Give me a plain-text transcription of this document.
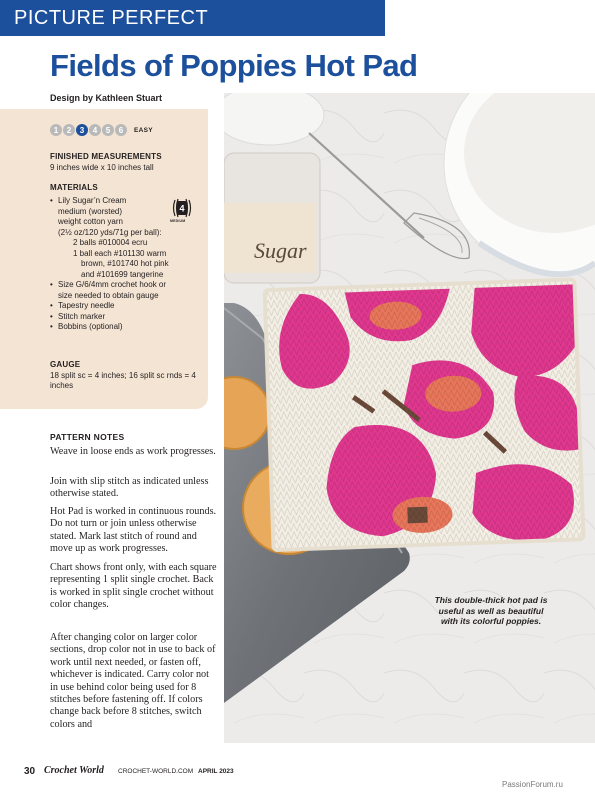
PICTURE PERFECT
Fields of Poppies Hot Pad
Design by Kathleen Stuart
1	2	3	4	5	6	EASY
FINISHED MEASUREMENTS
9 inches wide x 10 inches tall
MATERIALS
4
MEDIUM
• Lily Sugar’n Cream
medium (worsted)
weight cotton yarn
(2½ oz/120 yds/71g per ball):
2 balls #010004 ecru
1 ball each #101130 warm
brown, #101740 hot pink
and #101699 tangerine
• Size G/6/4mm crochet hook or
size needed to obtain gauge
• Tapestry needle
• Stitch marker
• Bobbins (optional)
GAUGE
18 split sc = 4 inches; 16 split sc rnds = 4 inches
PATTERN NOTES
Weave in loose ends as work progresses.
Join with slip stitch as indicated unless otherwise stated.
Hot Pad is worked in continuous rounds. Do not turn or join unless otherwise stated. Mark last stitch of round and move up as work progresses.
Chart shows front only, with each square representing 1 split single crochet. Back is worked in split single crochet without color changes.
After changing color on larger color sections, drop color not in use to back of work until next needed, or fasten off, whichever is indicated. Carry color not in use behind color being used for 8 stitches before fastening off. If colors change back before 8 stitches, switch colors and
Sugar
This double-thick hot pad is useful as well as beautiful with its colorful poppies.
30 Crochet World CROCHET-WORLD.COM APRIL 2023
PassionForum.ru
